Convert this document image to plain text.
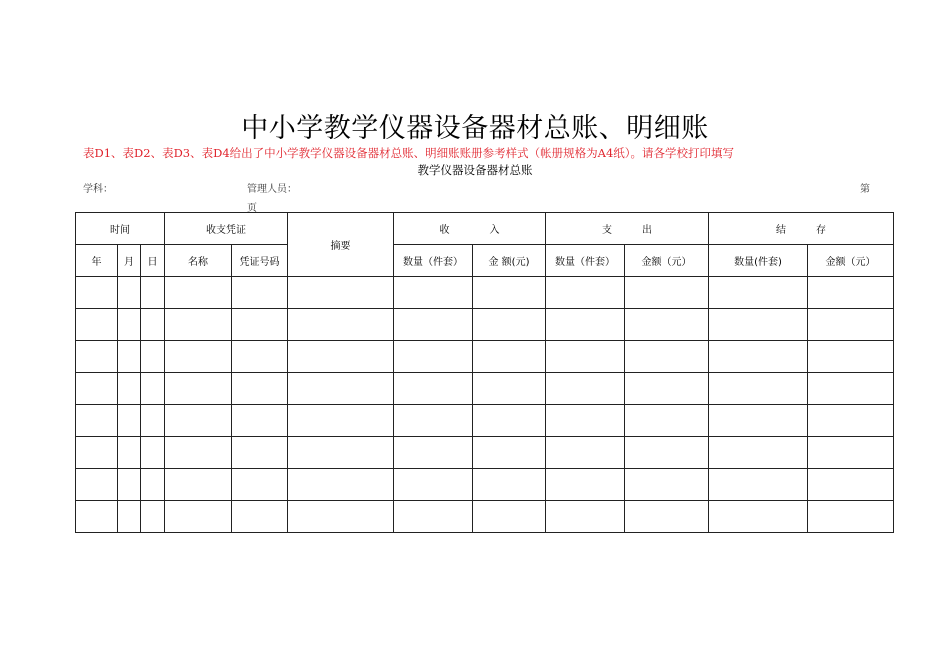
中小学教学仪器设备器材总账、明细账
表D1、表D2、表D3、表D4给出了中小学教学仪器设备器材总账、明细账账册参考样式（帐册规格为A4纸）。请各学校打印填写
教学仪器设备器材总账
学科：	管理人员：	第
页
时间			收支凭证		摘要	收　　　　入		支　　　出		结　　　存	
年	月	日	名称	凭证号码		数量（件套）	金 额(元)	数量（件套）	金额（元）	数量(件套)	金额（元）
